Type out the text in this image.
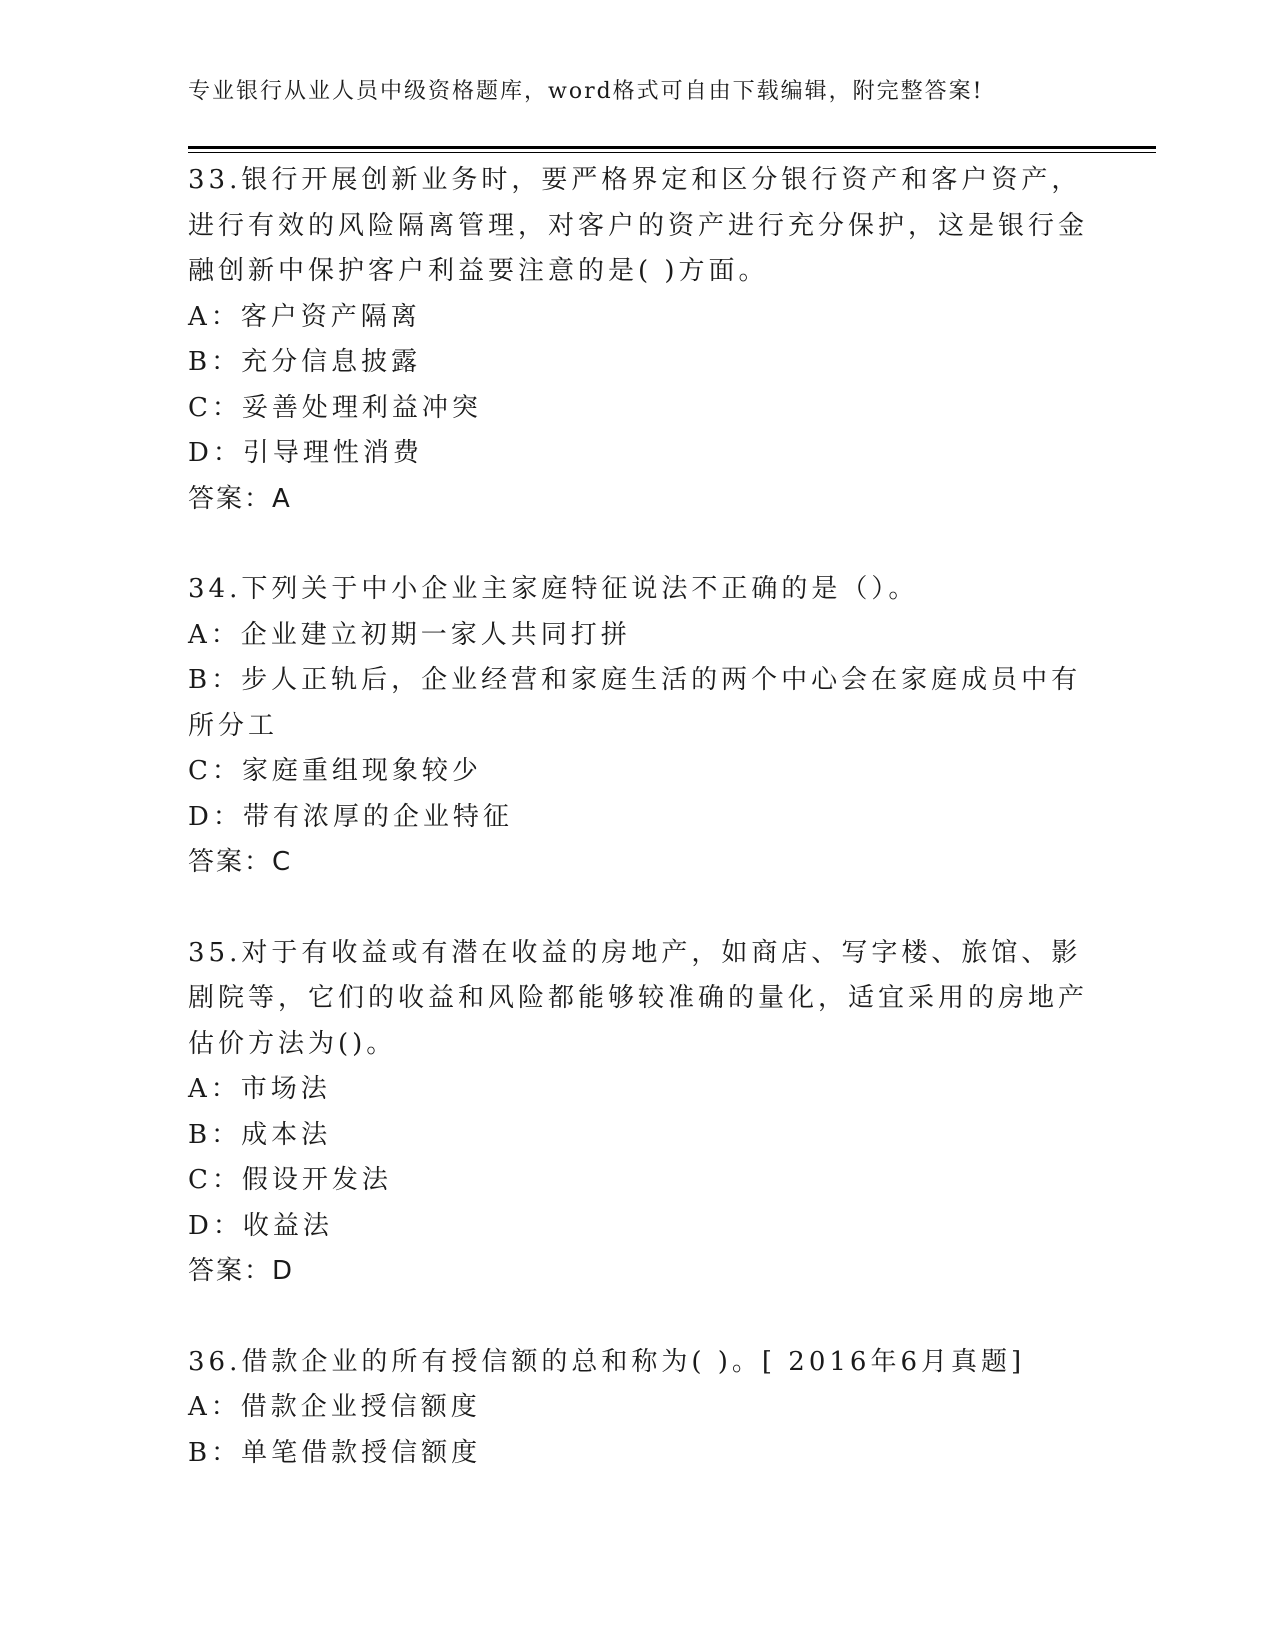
专业银行从业人员中级资格题库，word格式可自由下载编辑，附完整答案!
33.银行开展创新业务时，要严格界定和区分银行资产和客户资产，进行有效的风险隔离管理，对客户的资产进行充分保护，这是银行金融创新中保护客户利益要注意的是( )方面。
A：客户资产隔离
B：充分信息披露
C：妥善处理利益冲突
D：引导理性消费
答案：A
34.下列关于中小企业主家庭特征说法不正确的是（）。
A：企业建立初期一家人共同打拼
B：步人正轨后，企业经营和家庭生活的两个中心会在家庭成员中有所分工
C：家庭重组现象较少
D：带有浓厚的企业特征
答案：C
35.对于有收益或有潜在收益的房地产，如商店、写字楼、旅馆、影剧院等，它们的收益和风险都能够较准确的量化，适宜采用的房地产估价方法为()。
A：市场法
B：成本法
C：假设开发法
D：收益法
答案：D
36.借款企业的所有授信额的总和称为( )。[ 2016年6月真题]
A：借款企业授信额度
B：单笔借款授信额度
